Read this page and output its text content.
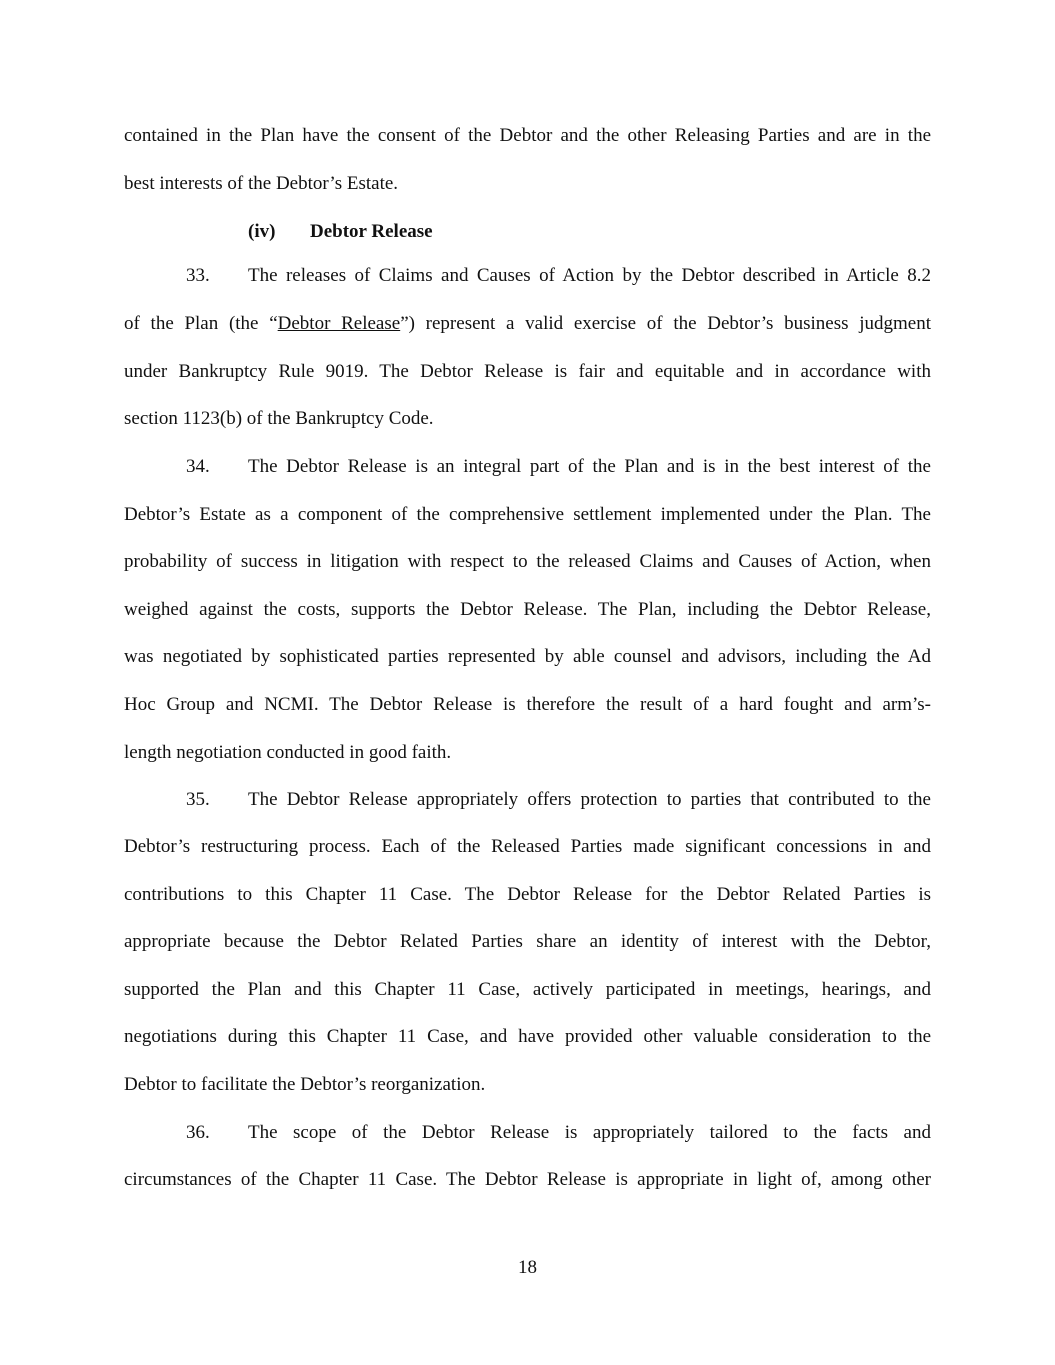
contained in the Plan have the consent of the Debtor and the other Releasing Parties and are in the
best interests of the Debtor’s Estate.
(iv) Debtor Release
33. The releases of Claims and Causes of Action by the Debtor described in Article 8.2
of the Plan (the “Debtor Release”) represent a valid exercise of the Debtor’s business judgment
under Bankruptcy Rule 9019. The Debtor Release is fair and equitable and in accordance with
section 1123(b) of the Bankruptcy Code.
34. The Debtor Release is an integral part of the Plan and is in the best interest of the
Debtor’s Estate as a component of the comprehensive settlement implemented under the Plan. The
probability of success in litigation with respect to the released Claims and Causes of Action, when
weighed against the costs, supports the Debtor Release. The Plan, including the Debtor Release,
was negotiated by sophisticated parties represented by able counsel and advisors, including the Ad
Hoc Group and NCMI. The Debtor Release is therefore the result of a hard fought and arm’s-
length negotiation conducted in good faith.
35. The Debtor Release appropriately offers protection to parties that contributed to the
Debtor’s restructuring process. Each of the Released Parties made significant concessions in and
contributions to this Chapter 11 Case. The Debtor Release for the Debtor Related Parties is
appropriate because the Debtor Related Parties share an identity of interest with the Debtor,
supported the Plan and this Chapter 11 Case, actively participated in meetings, hearings, and
negotiations during this Chapter 11 Case, and have provided other valuable consideration to the
Debtor to facilitate the Debtor’s reorganization.
36. The scope of the Debtor Release is appropriately tailored to the facts and
circumstances of the Chapter 11 Case. The Debtor Release is appropriate in light of, among other
18
